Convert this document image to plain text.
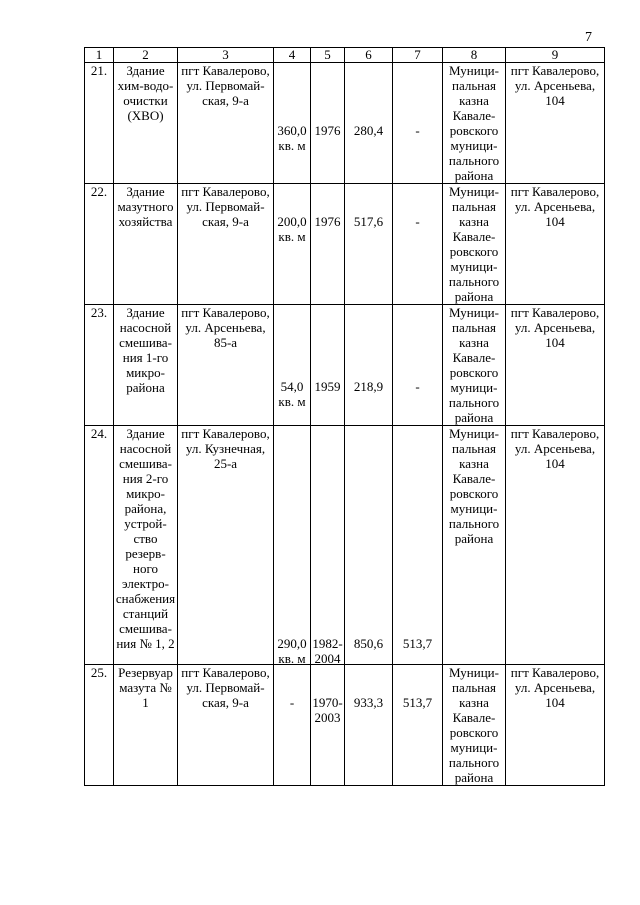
7
1	2	3	4	5	6	7	8	9
21.	Здание хим-водо-очистки (ХВО)	пгт Кавалерово, ул. Первомай-ская, 9-а	360,0 кв. м	1976	280,4	-	Муници-пальная казна Кавале-ровского муници-пального района	пгт Кавалерово, ул. Арсеньева, 104
22.	Здание мазутного хозяйства	пгт Кавалерово, ул. Первомай-ская, 9-а	200,0 кв. м	1976	517,6	-	Муници-пальная казна Кавале-ровского муници-пального района	пгт Кавалерово, ул. Арсеньева, 104
23.	Здание насосной смешива-ния 1-го микро-района	пгт Кавалерово, ул. Арсеньева, 85-а	54,0 кв. м	1959	218,9	-	Муници-пальная казна Кавале-ровского муници-пального района	пгт Кавалерово, ул. Арсеньева, 104
24.	Здание насосной смешива-ния 2-го микро-района, устрой-ство резерв-ного электро-снабжения станций смешива-ния № 1, 2	пгт Кавалерово, ул. Кузнечная, 25-а	290,0 кв. м	1982-2004	850,6	513,7	Муници-пальная казна Кавале-ровского муници-пального района	пгт Кавалерово, ул. Арсеньева, 104
25.	Резервуар мазута № 1	пгт Кавалерово, ул. Первомай-ская, 9-а	-	1970-2003	933,3	513,7	Муници-пальная казна Кавале-ровского муници-пального района	пгт Кавалерово, ул. Арсеньева, 104
